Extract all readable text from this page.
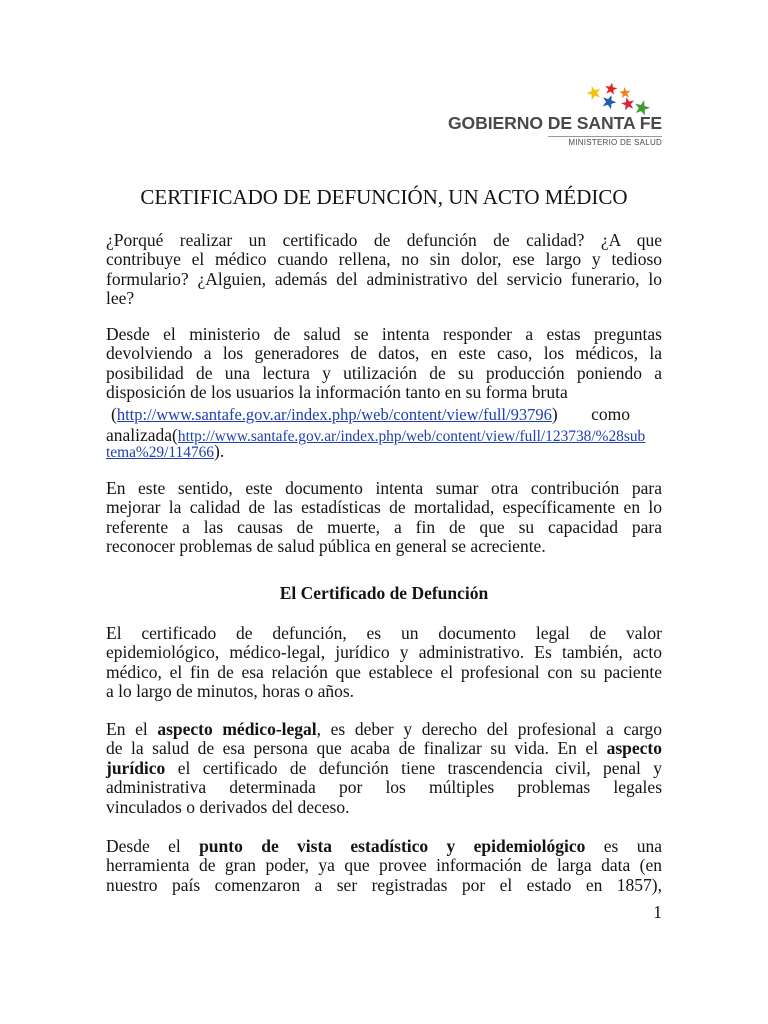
GOBIERNO DE SANTA FE
MINISTERIO DE SALUD
CERTIFICADO DE DEFUNCIÓN, UN ACTO MÉDICO
¿Porqué realizar un certificado de defunción de calidad? ¿A que
contribuye el médico cuando rellena, no sin dolor, ese largo y tedioso
formulario? ¿Alguien, además del administrativo del servicio funerario, lo
lee?
Desde el ministerio de salud se intenta responder a estas preguntas
devolviendo a los generadores de datos, en este caso, los médicos, la
posibilidad de una lectura y utilización de su producción poniendo a
disposición de los usuarios la información tanto en su forma bruta
(http://www.santafe.gov.ar/index.php/web/content/view/full/93796) como
analizada(http://www.santafe.gov.ar/index.php/web/content/view/full/123738/%28sub
tema%29/114766).
En este sentido, este documento intenta sumar otra contribución para
mejorar la calidad de las estadísticas de mortalidad, específicamente en lo
referente a las causas de muerte, a fin de que su capacidad para
reconocer problemas de salud pública en general se acreciente.
El Certificado de Defunción
El certificado de defunción, es un documento legal de valor
epidemiológico, médico-legal, jurídico y administrativo. Es también, acto
médico, el fin de esa relación que establece el profesional con su paciente
a lo largo de minutos, horas o años.
En el aspecto médico-legal, es deber y derecho del profesional a cargo
de la salud de esa persona que acaba de finalizar su vida. En el aspecto
jurídico el certificado de defunción tiene trascendencia civil, penal y
administrativa determinada por los múltiples problemas legales
vinculados o derivados del deceso.
Desde el punto de vista estadístico y epidemiológico es una
herramienta de gran poder, ya que provee información de larga data (en
nuestro país comenzaron a ser registradas por el estado en 1857),
1
